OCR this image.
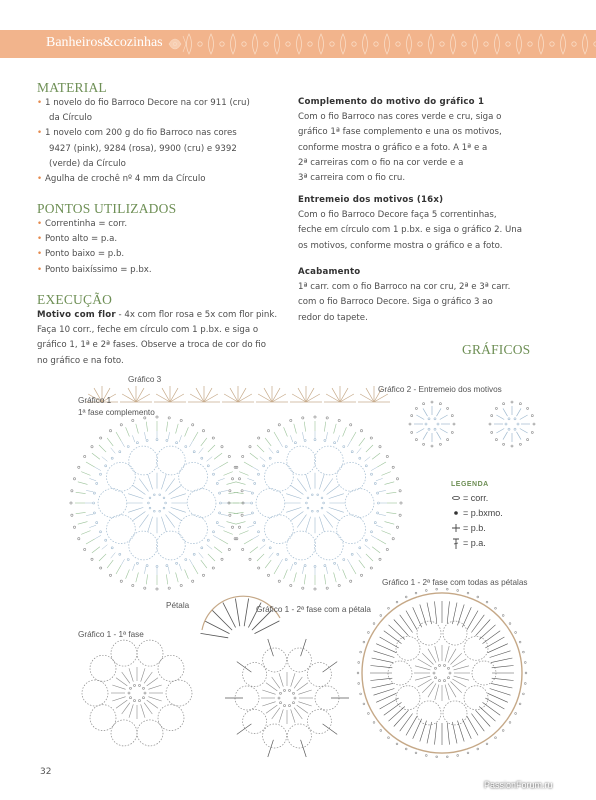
Banheiros&cozinhas
MATERIAL
• 1 novelo do fio Barroco Decore na cor 911 (cru)
da Círculo
• 1 novelo com 200 g do fio Barroco nas cores
9427 (pink), 9284 (rosa), 9900 (cru) e 9392
(verde) da Círculo
• Agulha de crochê nº 4 mm da Círculo
PONTOS UTILIZADOS
• Correntinha = corr.
• Ponto alto = p.a.
• Ponto baixo = p.b.
• Ponto baixíssimo = p.bx.
EXECUÇÃO

Motivo com flor - 4x com flor rosa e 5x com flor pink.

Faça 10 corr., feche em círculo com 1 p.bx. e siga o

gráfico 1, 1ª e 2ª fases. Observe a troca de cor do fio

no gráfico e na foto.

Complemento do motivo do gráfico 1

Com o fio Barroco nas cores verde e cru, siga o

gráfico 1ª fase complemento e una os motivos,

conforme mostra o gráfico e a foto. A 1ª e a

2ª carreiras com o fio na cor verde e a

3ª carreira com o fio cru.

Entremeio dos motivos (16x)

Com o fio Barroco Decore faça 5 correntinhas,

feche em círculo com 1 p.bx. e siga o gráfico 2. Una

os motivos, conforme mostra o gráfico e a foto.

Acabamento

1ª carr. com o fio Barroco na cor cru, 2ª e 3ª carr.

com o fio Barroco Decore. Siga o gráfico 3 ao

redor do tapete.

GRÁFICOS
Gráfico 3
Gráfico 1
1ª fase complemento
Gráfico 2 - Entremeio dos motivos
Gráfico 1 - 2ª fase com todas as pétalas
Pétala	Gráfico 1 - 2ª fase com a pétala
Gráfico 1 - 1ª fase
LEGENDA
= corr.
= p.bxmo.
= p.b.
= p.a.
32
PassionForum.ru
